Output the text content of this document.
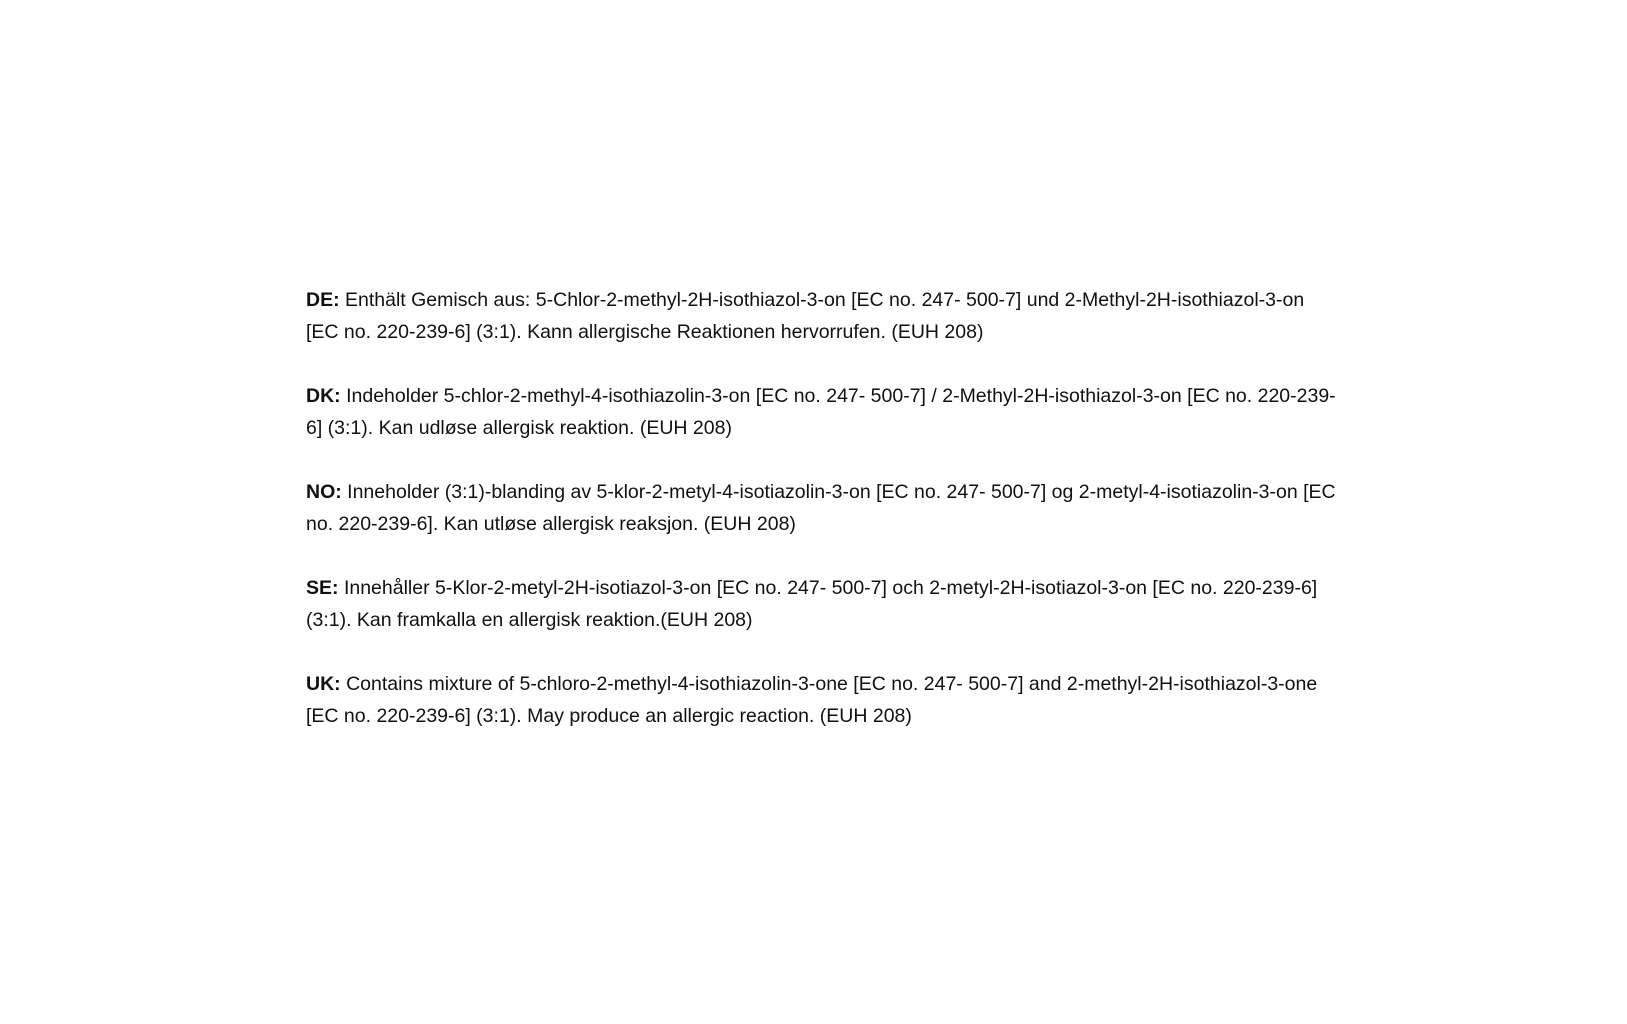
DE: Enthält Gemisch aus: 5-Chlor-2-methyl-2H-isothiazol-3-on [EC no. 247- 500-7] und 2-Methyl-2H-isothiazol-3-on [EC no. 220-239-6] (3:1). Kann allergische Reaktionen hervorrufen. (EUH 208)

DK: Indeholder 5-chlor-2-methyl-4-isothiazolin-3-on [EC no. 247- 500-7] / 2-Methyl-2H-isothiazol-3-on [EC no. 220-239-6] (3:1). Kan udløse allergisk reaktion. (EUH 208)

NO: Inneholder (3:1)-blanding av 5-klor-2-metyl-4-isotiazolin-3-on [EC no. 247- 500-7] og 2-metyl-4-isotiazolin-3-on [EC no. 220-239-6]. Kan utløse allergisk reaksjon. (EUH 208)

SE: Innehåller 5-Klor-2-metyl-2H-isotiazol-3-on [EC no. 247- 500-7] och 2-metyl-2H-isotiazol-3-on [EC no. 220-239-6] (3:1). Kan framkalla en allergisk reaktion.(EUH 208)

UK: Contains mixture of 5-chloro-2-methyl-4-isothiazolin-3-one [EC no. 247- 500-7] and 2-methyl-2H-isothiazol-3-one [EC no. 220-239-6] (3:1). May produce an allergic reaction. (EUH 208)
